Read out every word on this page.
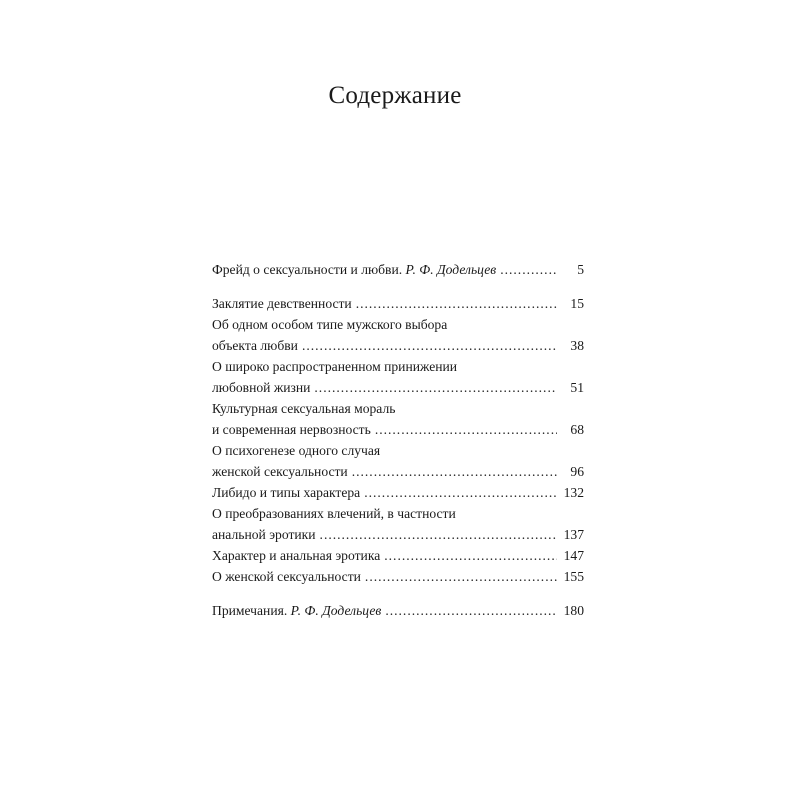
Содержание
Фрейд о сексуальности и любви. Р. Ф. Додельцев . . .	5
Заклятие девственности . . .	15
Об одном особом типе мужского выбора
объекта любви . . .	38
О широко распространенном принижении
любовной жизни . . .	51
Культурная сексуальная мораль
и современная нервозность . . .	68
О психогенезе одного случая
женской сексуальности . . .	96
Либидо и типы характера . . .	132
О преобразованиях влечений, в частности
анальной эротики . . .	137
Характер и анальная эротика . . .	147
О женской сексуальности . . .	155
Примечания. Р. Ф. Додельцев . . .	180
